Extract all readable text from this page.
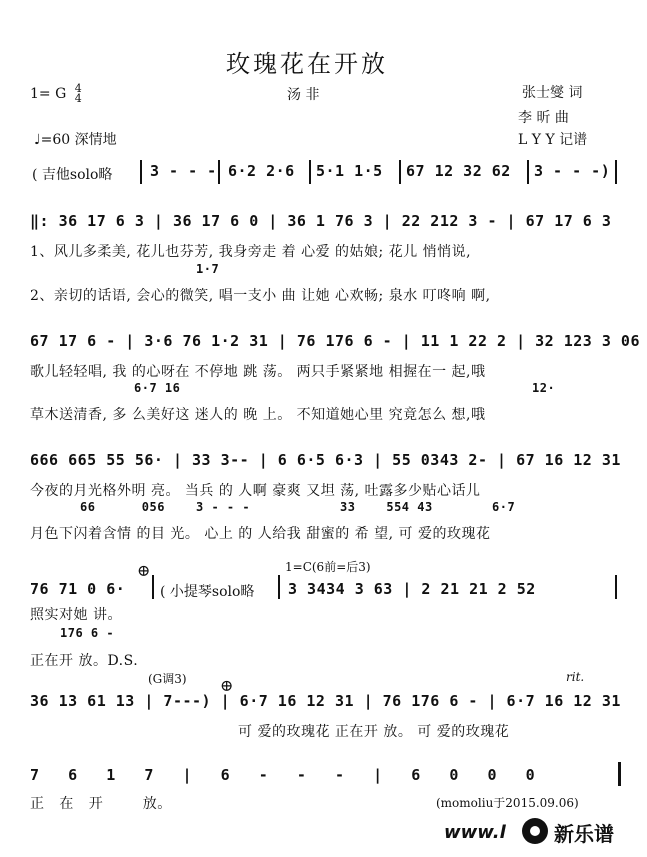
玫瑰花在开放
1= G 4
4	汤 非	张士燮 词
李 昕 曲
♩=60 深情地	L Y Y 记谱
( 吉他solo略	3 - - - 6·2 2·6 5·1 1·5 67 12 32 62 3 - - -)
‖: 36 17 6 3 | 36 17 6 0 | 36 1 76 3 | 22 212 3 - | 67 17 6 3
1、风儿多柔美, 花儿也芬芳, 我身旁走 着 心爱 的姑娘; 花儿 悄悄说,
1·7
2、亲切的话语, 会心的微笑, 唱一支小 曲 让她 心欢畅; 泉水 叮咚响 啊,
67 17 6 - | 3·6 76 1·2 31 | 76 176 6 - | 11 1 22 2 | 32 123 3 06
歌儿轻轻唱, 我 的心呀在 不停地 跳 荡。 两只手紧紧地 相握在一 起,哦
6·7 16	12·
草木送清香, 多 么美好这 迷人的 晚 上。 不知道她心里 究竟怎么 想,哦
666 665 55 56· | 33 3-- | 6 6·5 6·3 | 55 0343 2- | 67 16 12 31
今夜的月光格外明 亮。 当兵 的 人啊 豪爽 又坦 荡, 吐露多少贴心话儿
66      056	3 - - -	33    554 43	6·7
月色下闪着含情 的目 光。 心上 的 人给我 甜蜜的 希 望, 可 爱的玫瑰花
1=C(6前=后3)
76 71 0 6·
⊕
( 小提琴solo略 3 3434 3 63 | 2 21 21 2 52
照实对她 讲。
176 6 -
正在开 放。D.S.
(G调3)	rit.
⊕
36 13 61 13 | 7---) | 6·7 16 12 31 | 76 176 6 - | 6·7 16 12 31
可 爱的玫瑰花 正在开 放。 可 爱的玫瑰花
7   6   1   7   |   6   -   -   -   |   6   0   0   0
正   在   开        放。	(momoliu于2015.09.06)
www.l 新乐谱
